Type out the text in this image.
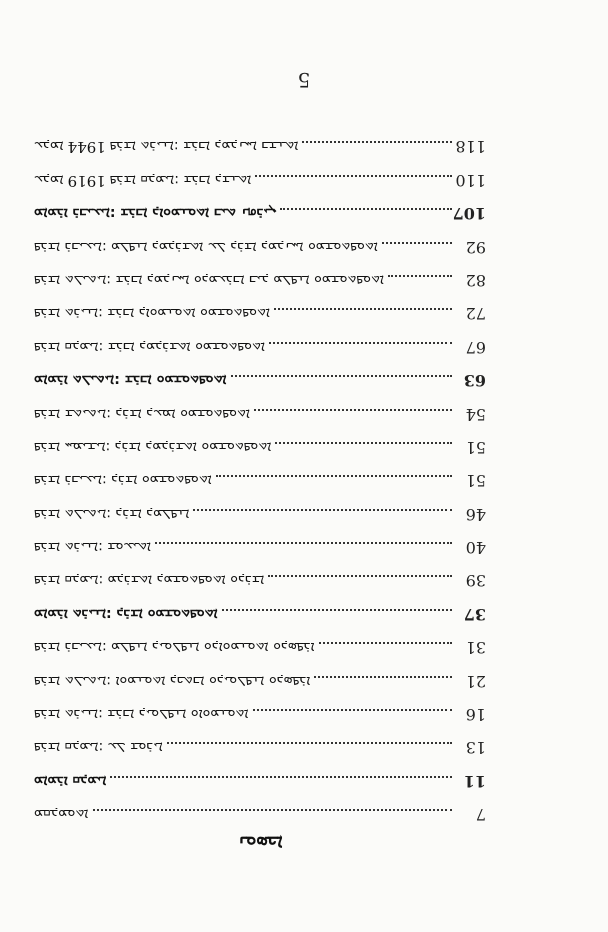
5
ܢܘܣܟܐ
7
ܡܩܕܡܘܬܐ
11
ܡܐܡܪܐ ܩܕܡܝܐ
13
ܦܪܫܐ ܩܕܡܝܐ: ܥܠ ܫܘܪܝܐ
16
ܦܪܫܐ ܬܪܝܢܐ: ܫܪܒܐ ܕܝܘܠܦܢܐ ܘܐܘܡܢܘܬܐ
21
ܦܪܫܐ ܬܠܝܬܝܐ: ܐܘܡܢܘܬܐ ܕܟܬܒܐ ܘܕܝܘܠܦܢܐ ܘܕܣܦܪܐ
31
ܦܪܫܐ ܪܒܝܥܝܐ: ܡܠܦܢܐ ܕܝܘܠܦܢܐ ܘܕܐܘܡܢܘܬܐ ܘܕܣܦܪܐ
37
ܡܐܡܪܐ ܬܪܝܢܐ: ܕܪܫܐ ܘܡܫܘܬܦܘܬܐ
39
ܦܪܫܐ ܩܕܡܝܐ: ܡܕܪܫܬܐ ܕܡܫܘܬܦܘܬܐ ܘܕܪܫܐ
40
ܦܪܫܐ ܬܪܝܢܐ: ܫܘܥܝܬܐ
46
ܦܪܫܐ ܬܠܝܬܝܐ: ܕܪܫܐ ܕܡܠܦܢܐ
51
ܦܪܫܐ ܪܒܝܥܝܐ: ܕܪܫܐ ܘܡܫܘܬܦܘܬܐ
51
ܦܪܫܐ ܚܡܝܫܝܐ: ܕܪܫܐ ܕܡܕܪܫܬܐ ܘܡܫܘܬܦܘܬܐ
54
ܦܪܫܐ ܫܬܝܬܝܐ: ܕܪܫܐ ܕܥܡܐ ܘܡܫܘܬܦܘܬܐ
63
ܡܐܡܪܐ ܬܠܝܬܝܐ: ܫܪܒܐ ܘܡܫܘܬܦܘܬܐ
67
ܦܪܫܐ ܩܕܡܝܐ: ܫܪܒܐ ܕܡܕܪܫܬܐ ܘܡܫܘܬܦܘܬܐ
72
ܦܪܫܐ ܬܪܝܢܐ: ܫܪܒܐ ܕܐܘܡܢܘܬܐ ܘܡܫܘܬܦܘܬܐ
82
ܦܪܫܐ ܬܠܝܬܝܐ: ܫܪܒܐ ܕܡܕܢܚܐ ܘܕܡܥܪܒܐ ܒܝܕ ܡܠܦܢܐ ܘܡܫܘܬܦܘܬܐ
92
ܦܪܫܐ ܪܒܝܥܝܐ: ܡܠܦܢܐ ܕܡܕܪܫܬܐ ܥܠ ܕܪܫܐ ܕܡܕܢܚܐ ܘܡܫܘܬܦܘܬܐ
107
ܡܐܡܪܐ ܪܒܝܥܝܐ: ܫܪܒܐ ܕܐܘܡܢܘܬܐ ܒܝܬ ܢܗܪܝܢ
110
ܥܕܡܐ 1919 ܦܪܫܐ ܩܕܡܝܐ: ܫܪܒܐ ܕܫܢܬܐ
118
ܥܕܡܐ 1944 ܦܪܫܐ ܬܪܝܢܐ: ܫܪܒܐ ܕܡܕܢܚܐ ܒܫܢܬܐ
